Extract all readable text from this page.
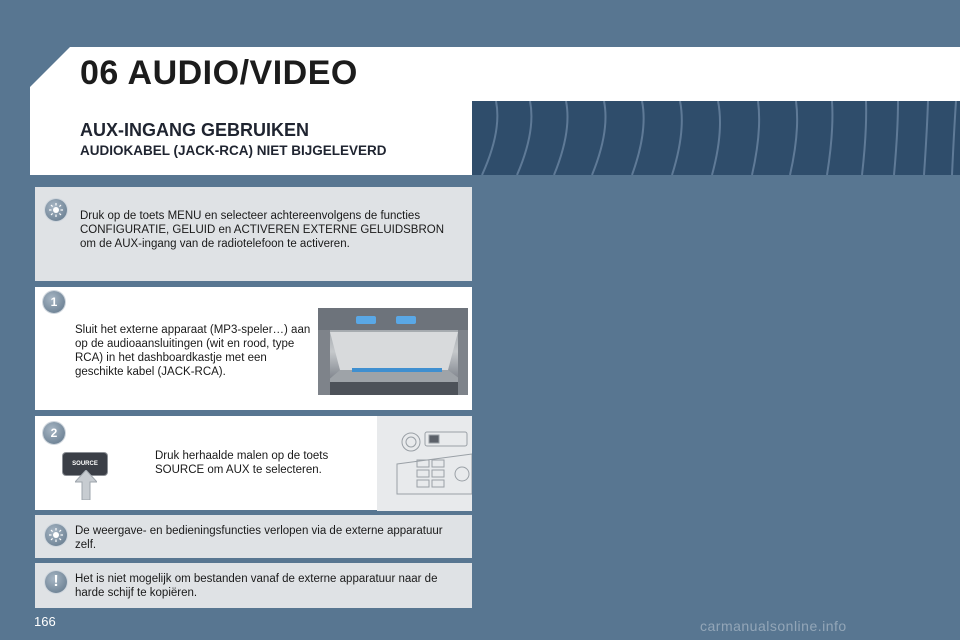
06 AUDIO/VIDEO
AUX-INGANG GEBRUIKEN
AUDIOKABEL (JACK-RCA) NIET BIJGELEVERD
Druk op de toets MENU en selecteer achtereenvolgens de functies CONFIGURATIE, GELUID en ACTIVEREN EXTERNE GELUIDSBRON om de AUX-ingang van de radiotelefoon te activeren.
1
Sluit het externe apparaat (MP3-speler…) aan op de audioaansluitingen (wit en rood, type RCA) in het dashboardkastje met een geschikte kabel (JACK-RCA).
2
SOURCE
Druk herhaalde malen op de toets SOURCE om AUX te selecteren.
De weergave- en bedieningsfuncties verlopen via de externe apparatuur zelf.
!	Het is niet mogelijk om bestanden vanaf de externe apparatuur naar de harde schijf te kopiëren.
166	carmanualsonline.info
